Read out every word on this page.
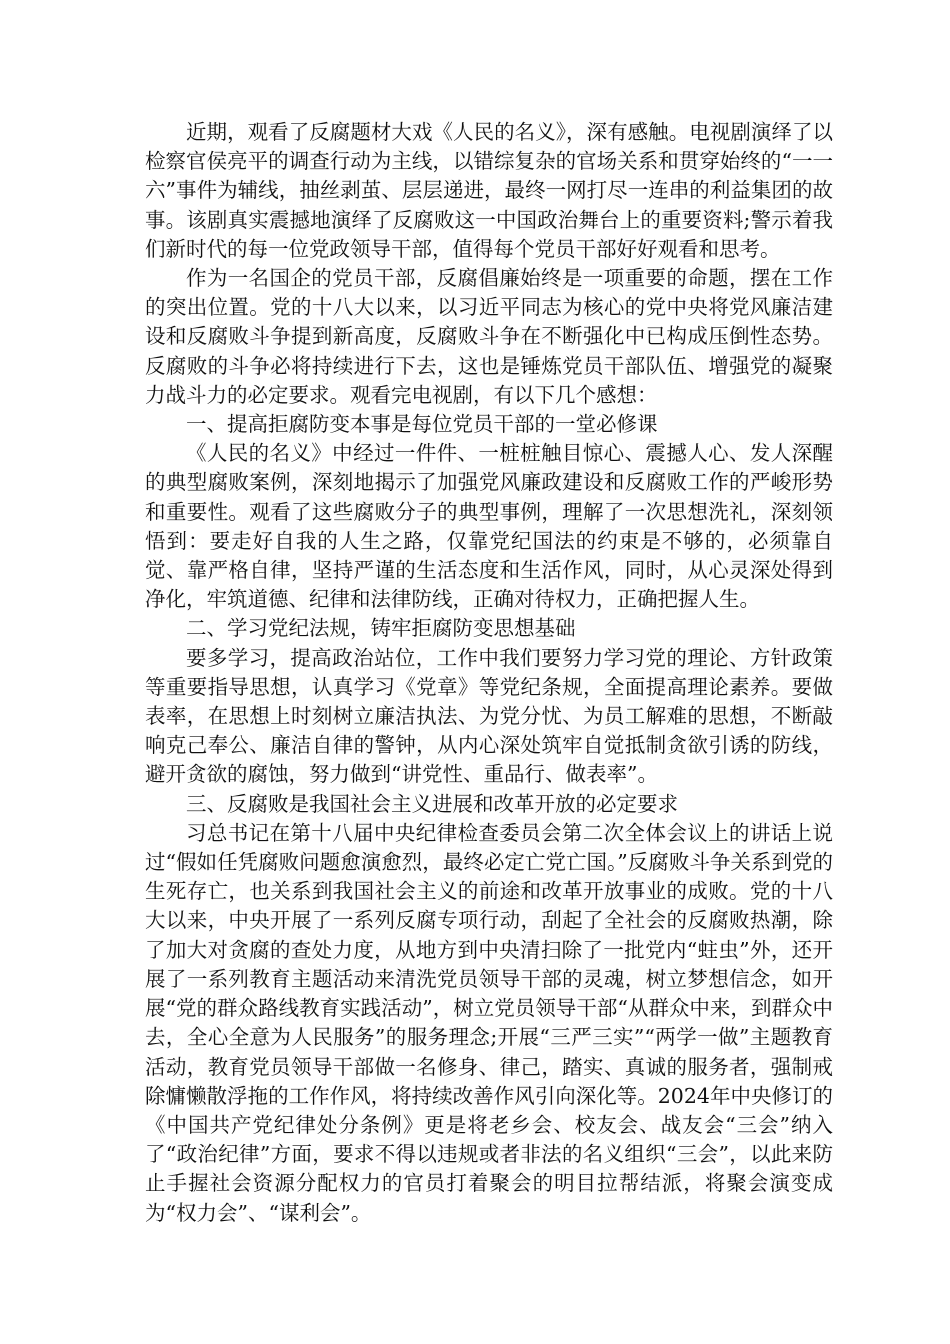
近期，观看了反腐题材大戏《人民的名义》，深有感触。电视剧演绎了以检察官侯亮平的调查行动为主线，以错综复杂的官场关系和贯穿始终的“一一六”事件为辅线，抽丝剥茧、层层递进，最终一网打尽一连串的利益集团的故事。该剧真实震撼地演绎了反腐败这一中国政治舞台上的重要资料;警示着我们新时代的每一位党政领导干部，值得每个党员干部好好观看和思考。

作为一名国企的党员干部，反腐倡廉始终是一项重要的命题，摆在工作的突出位置。党的十八大以来，以习近平同志为核心的党中央将党风廉洁建设和反腐败斗争提到新高度，反腐败斗争在不断强化中已构成压倒性态势。反腐败的斗争必将持续进行下去，这也是锤炼党员干部队伍、增强党的凝聚力战斗力的必定要求。观看完电视剧，有以下几个感想：

一、提高拒腐防变本事是每位党员干部的一堂必修课

《人民的名义》中经过一件件、一桩桩触目惊心、震撼人心、发人深醒的典型腐败案例，深刻地揭示了加强党风廉政建设和反腐败工作的严峻形势和重要性。观看了这些腐败分子的典型事例，理解了一次思想洗礼，深刻领悟到：要走好自我的人生之路，仅靠党纪国法的约束是不够的，必须靠自觉、靠严格自律，坚持严谨的生活态度和生活作风，同时，从心灵深处得到净化，牢筑道德、纪律和法律防线，正确对待权力，正确把握人生。

二、学习党纪法规，铸牢拒腐防变思想基础

要多学习，提高政治站位，工作中我们要努力学习党的理论、方针政策等重要指导思想，认真学习《党章》等党纪条规，全面提高理论素养。要做表率，在思想上时刻树立廉洁执法、为党分忧、为员工解难的思想，不断敲响克己奉公、廉洁自律的警钟，从内心深处筑牢自觉抵制贪欲引诱的防线，避开贪欲的腐蚀，努力做到“讲党性、重品行、做表率”。

三、反腐败是我国社会主义进展和改革开放的必定要求

习总书记在第十八届中央纪律检查委员会第二次全体会议上的讲话上说过“假如任凭腐败问题愈演愈烈，最终必定亡党亡国。”反腐败斗争关系到党的生死存亡，也关系到我国社会主义的前途和改革开放事业的成败。党的十八大以来，中央开展了一系列反腐专项行动，刮起了全社会的反腐败热潮，除了加大对贪腐的查处力度，从地方到中央清扫除了一批党内“蛀虫”外，还开展了一系列教育主题活动来清洗党员领导干部的灵魂，树立梦想信念，如开展“党的群众路线教育实践活动”，树立党员领导干部“从群众中来，到群众中去，全心全意为人民服务”的服务理念;开展“三严三实”“两学一做”主题教育活动，教育党员领导干部做一名修身、律己，踏实、真诚的服务者，强制戒除慵懒散浮拖的工作作风，将持续改善作风引向深化等。2024年中央修订的《中国共产党纪律处分条例》更是将老乡会、校友会、战友会“三会”纳入了“政治纪律”方面，要求不得以违规或者非法的名义组织“三会”，以此来防止手握社会资源分配权力的官员打着聚会的明目拉帮结派，将聚会演变成为“权力会”、“谋利会”。
